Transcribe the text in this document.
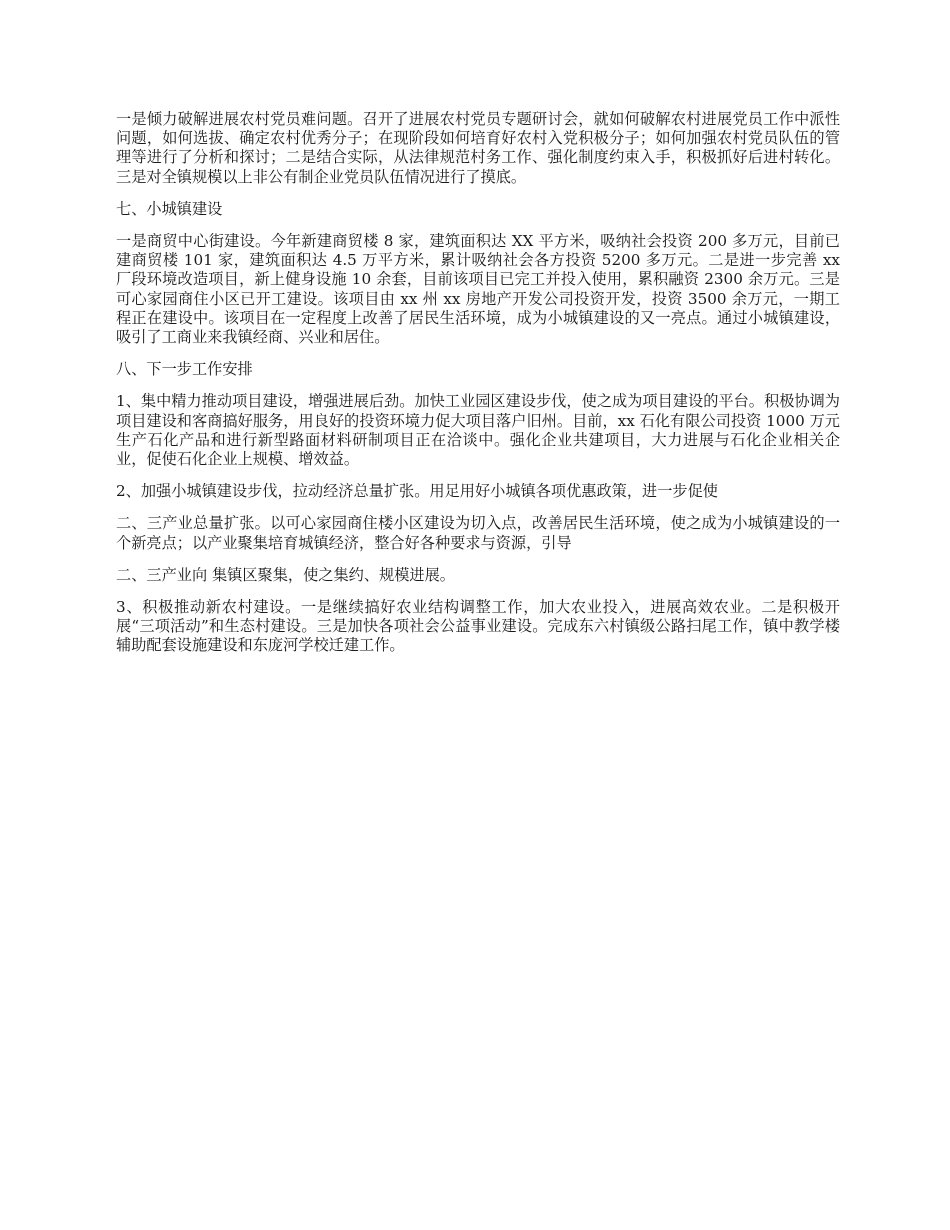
一是倾力破解进展农村党员难问题。召开了进展农村党员专题研讨会，就如何破解农村进展党员工作中派性问题，如何选拔、确定农村优秀分子；在现阶段如何培育好农村入党积极分子；如何加强农村党员队伍的管理等进行了分析和探讨；二是结合实际，从法律规范村务工作、强化制度约束入手，积极抓好后进村转化。三是对全镇规模以上非公有制企业党员队伍情况进行了摸底。

七、小城镇建设

一是商贸中心街建设。今年新建商贸楼 8 家，建筑面积达 XX 平方米，吸纳社会投资 200 多万元，目前已建商贸楼 101 家，建筑面积达 4.5 万平方米，累计吸纳社会各方投资 5200 多万元。二是进一步完善 xx 厂段环境改造项目，新上健身设施 10 余套，目前该项目已完工并投入使用，累积融资 2300 余万元。三是可心家园商住小区已开工建设。该项目由 xx 州 xx 房地产开发公司投资开发，投资 3500 余万元，一期工程正在建设中。该项目在一定程度上改善了居民生活环境，成为小城镇建设的又一亮点。通过小城镇建设，吸引了工商业来我镇经商、兴业和居住。

八、下一步工作安排

1、集中精力推动项目建设，增强进展后劲。加快工业园区建设步伐，使之成为项目建设的平台。积极协调为项目建设和客商搞好服务，用良好的投资环境力促大项目落户旧州。目前，xx 石化有限公司投资 1000 万元生产石化产品和进行新型路面材料研制项目正在洽谈中。强化企业共建项目，大力进展与石化企业相关企业，促使石化企业上规模、增效益。

2、加强小城镇建设步伐，拉动经济总量扩张。用足用好小城镇各项优惠政策，进一步促使

二、三产业总量扩张。以可心家园商住楼小区建设为切入点，改善居民生活环境，使之成为小城镇建设的一个新亮点；以产业聚集培育城镇经济，整合好各种要求与资源，引导

二、三产业向 集镇区聚集，使之集约、规模进展。

3、积极推动新农村建设。一是继续搞好农业结构调整工作，加大农业投入，进展高效农业。二是积极开展“三项活动”和生态村建设。三是加快各项社会公益事业建设。完成东六村镇级公路扫尾工作，镇中教学楼辅助配套设施建设和东庞河学校迁建工作。
